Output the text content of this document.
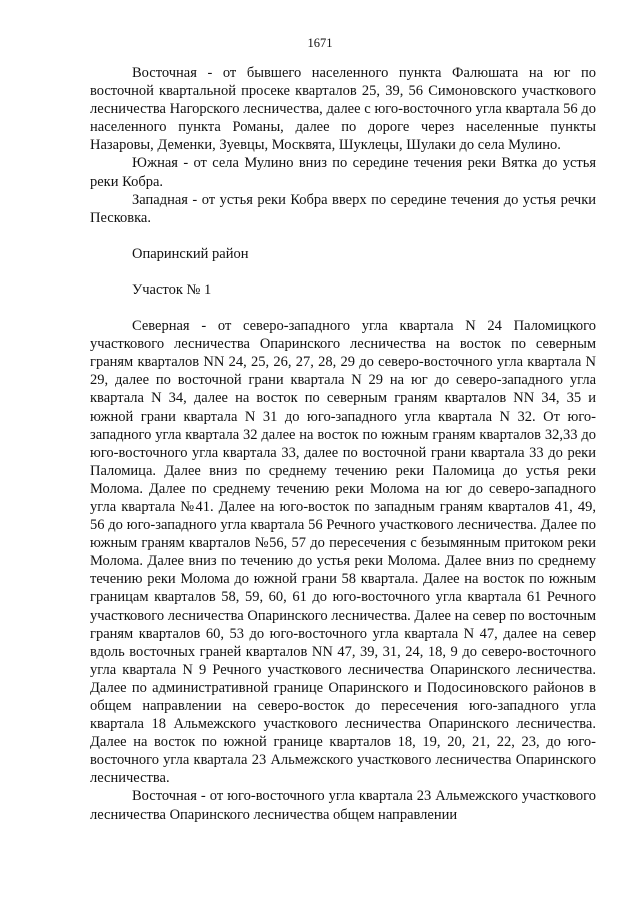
1671

Восточная - от бывшего населенного пункта Фалюшата на юг по восточной квартальной просеке кварталов 25, 39, 56 Симоновского участкового лесничества Нагорского лесничества, далее с юго-восточного угла квартала 56 до населенного пункта Романы, далее по дороге через населенные пункты Назаровы, Деменки, Зуевцы, Москвята, Шуклецы, Шулаки до села Мулино.

Южная - от села Мулино вниз по середине течения реки Вятка до устья реки Кобра.

Западная - от устья реки Кобра вверх по середине течения до устья речки Песковка.

Опаринский район

Участок № 1

Северная - от северо-западного угла квартала N 24 Паломицкого участкового лесничества Опаринского лесничества на восток по северным граням кварталов NN 24, 25, 26, 27, 28, 29 до северо-восточного угла квартала N 29, далее по восточной грани квартала N 29 на юг до северо-западного угла квартала N 34, далее на восток по северным граням кварталов NN 34, 35 и южной грани квартала N 31 до юго-западного угла квартала N 32. От юго-западного угла квартала 32 далее на восток по южным граням кварталов 32,33 до юго-восточного угла квартала 33, далее по восточной грани квартала 33 до реки Паломица. Далее вниз по среднему течению реки Паломица до устья реки Молома. Далее по среднему течению реки Молома на юг до северо-западного угла квартала №41. Далее на юго-восток по западным граням кварталов 41, 49, 56 до юго-западного угла квартала 56 Речного участкового лесничества. Далее по южным граням кварталов №56, 57 до пересечения с безымянным притоком реки Молома. Далее вниз по течению до устья реки Молома. Далее вниз по среднему течению реки Молома до южной грани 58 квартала. Далее на восток по южным границам кварталов 58, 59, 60, 61 до юго-восточного угла квартала 61 Речного участкового лесничества Опаринского лесничества. Далее на север по восточным граням кварталов 60, 53 до юго-восточного угла квартала N 47, далее на север вдоль восточных граней кварталов NN 47, 39, 31, 24, 18, 9 до северо-восточного угла квартала N 9 Речного участкового лесничества Опаринского лесничества. Далее по административной границе Опаринского и Подосиновского районов в общем направлении на северо-восток до пересечения юго-западного угла квартала 18 Альмежского участкового лесничества Опаринского лесничества. Далее на восток по южной границе кварталов 18, 19, 20, 21, 22, 23, до юго-восточного угла квартала 23 Альмежского участкового лесничества Опаринского лесничества.

Восточная - от юго-восточного угла квартала 23 Альмежского участкового лесничества Опаринского лесничества общем направлении
